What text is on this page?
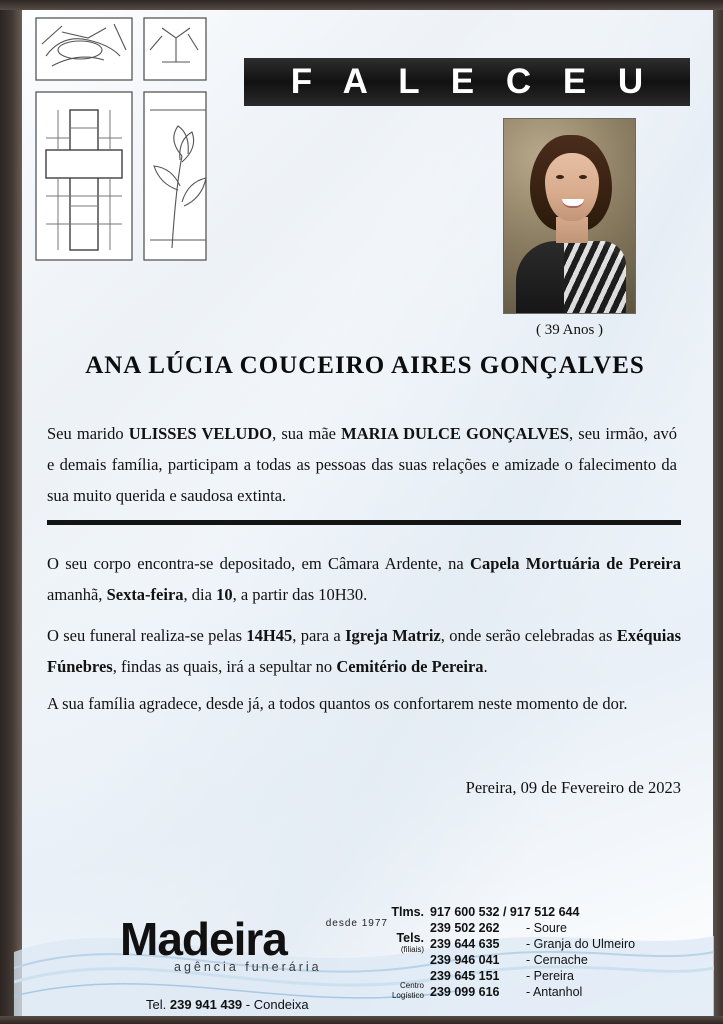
F A L E C E U
( 39 Anos )
ANA LÚCIA COUCEIRO AIRES GONÇALVES
Seu marido ULISSES VELUDO, sua mãe MARIA DULCE GONÇALVES, seu irmão, avó e demais família, participam a todas as pessoas das suas relações e amizade o falecimento da sua muito querida e saudosa extinta.
O seu corpo encontra-se depositado, em Câmara Ardente, na Capela Mortuária de Pereira amanhã, Sexta-feira, dia 10, a partir das 10H30.
O seu funeral realiza-se pelas 14H45, para a Igreja Matriz, onde serão celebradas as Exéquias Fúnebres, findas as quais, irá a sepultar no Cemitério de Pereira.
A sua família agradece, desde já, a todos quantos os confortarem neste momento de dor.
Pereira, 09 de Fevereiro de 2023
Madeira	desde 1977
agência funerária
Tel. 239 941 439 - Condeixa
Tlms. 917 600 532 / 917 512 644
239 502 262	- Soure
Tels.
(filiais) 239 644 635	- Granja do Ulmeiro
239 946 041	- Cernache
239 645 151	- Pereira
Centro
Logístico 239 099 616	- Antanhol
